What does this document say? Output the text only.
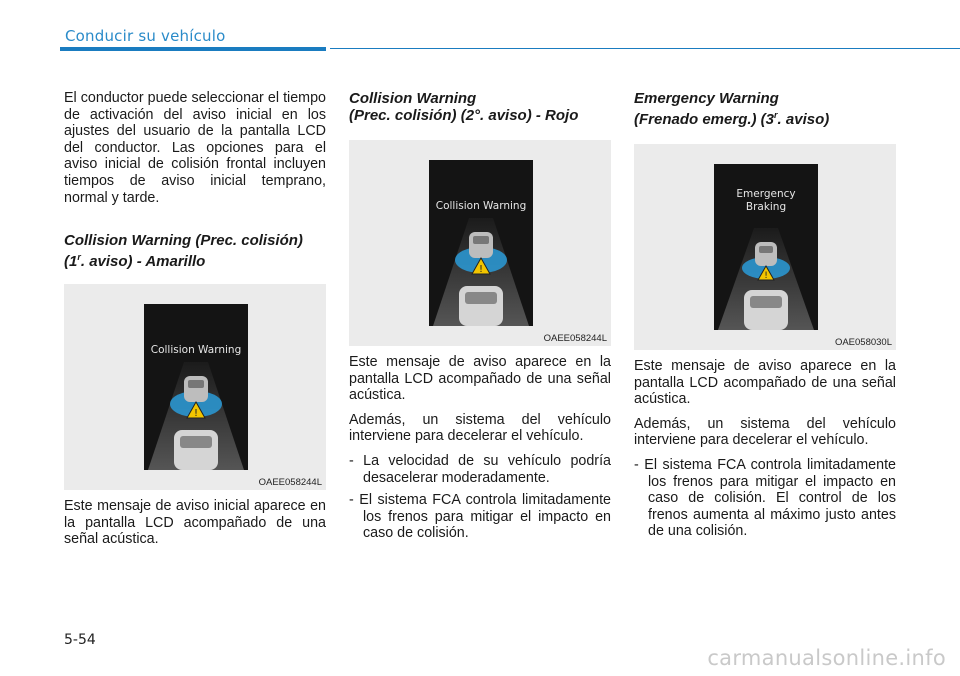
Conducir su vehículo

El conductor puede seleccionar el tiempo de activación del aviso inicial en los ajustes del usuario de la pantalla LCD del conductor. Las opciones para el aviso inicial de colisión frontal incluyen tiempos de aviso inicial temprano, normal y tarde.

Collision Warning (Prec. colisión)
(1$^r$. aviso) - Amarillo
!
Collision Warning
OAEE058244L

Este mensaje de aviso inicial aparece en la pantalla LCD acompañado de una señal acústica.

Collision Warning
(Prec. colisión) (2°. aviso) - Rojo
!
Collision Warning
OAEE058244L

Este mensaje de aviso aparece en la pantalla LCD acompañado de una señal acústica.

Además, un sistema del vehículo interviene para decelerar el vehículo.

- La velocidad de su vehículo podría desacelerar moderadamente.

- El sistema FCA controla limitadamente los frenos para mitigar el impacto en caso de colisión.

Emergency Warning
(Frenado emerg.) (3$^r$. aviso)
!
Emergency
Braking
OAE058030L

Este mensaje de aviso aparece en la pantalla LCD acompañado de una señal acústica.

Además, un sistema del vehículo interviene para decelerar el vehículo.

- El sistema FCA controla limitadamente los frenos para mitigar el impacto en caso de colisión. El control de los frenos aumenta al máximo justo antes de una colisión.

5-54
carmanualsonline.info
